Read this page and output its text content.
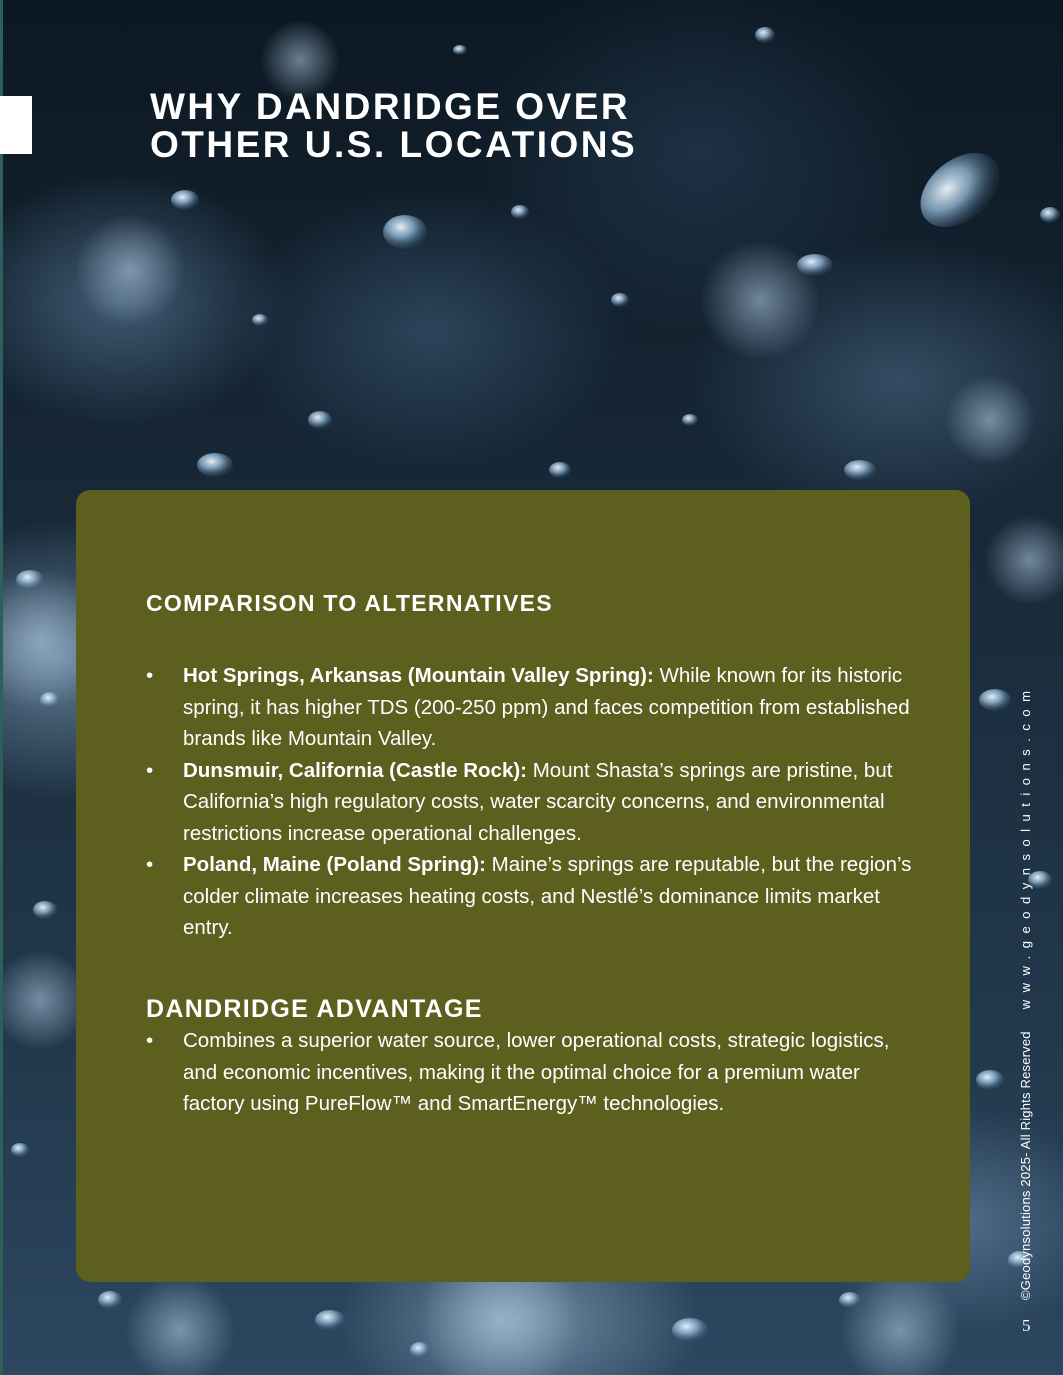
WHY DANDRIDGE OVER
OTHER U.S. LOCATIONS
COMPARISON TO ALTERNATIVES
• Hot Springs, Arkansas (Mountain Valley Spring): While known for its historic spring, it has higher TDS (200-250 ppm) and faces competition from established brands like Mountain Valley.
• Dunsmuir, California (Castle Rock): Mount Shasta’s springs are pristine, but California’s high regulatory costs, water scarcity concerns, and environmental restrictions increase operational challenges.
• Poland, Maine (Poland Spring): Maine’s springs are reputable, but the region’s colder climate increases heating costs, and Nestlé’s dominance limits market entry.
DANDRIDGE ADVANTAGE
• Combines a superior water source, lower operational costs, strategic logistics, and economic incentives, making it the optimal choice for a premium water factory using PureFlow™ and SmartEnergy™ technologies.	©Geodynsolutions 2025- All Rights Reservedwww.geodynsolutions.com
5
